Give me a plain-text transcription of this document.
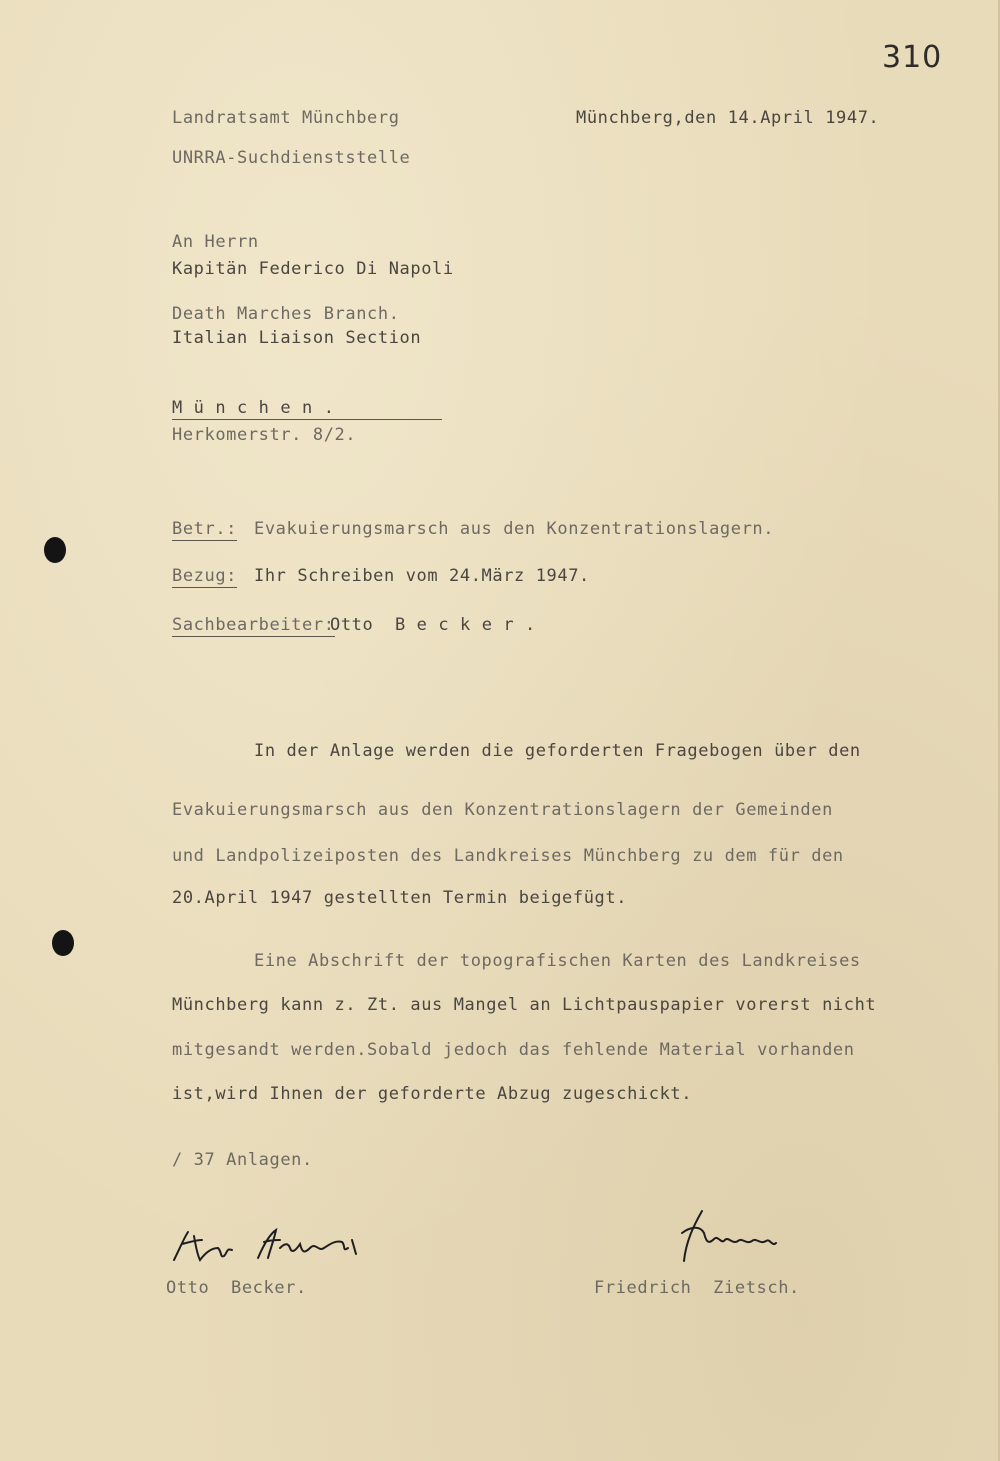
310
Landratsamt Münchberg
UNRRA-Suchdienststelle
Münchberg,den 14.April 1947.
An Herrn
Kapitän Federico Di Napoli
Death Marches Branch.
Italian Liaison Section
M ü n c h e n .
Herkomerstr. 8/2.
Betr.: Evakuierungsmarsch aus den Konzentrationslagern.
Bezug: Ihr Schreiben vom 24.März 1947.
Sachbearbeiter:
Otto  B e c k e r .
In der Anlage werden die geforderten Fragebogen über den
Evakuierungsmarsch aus den Konzentrationslagern der Gemeinden
und Landpolizeiposten des Landkreises Münchberg zu dem für den
20.April 1947 gestellten Termin beigefügt.
Eine Abschrift der topografischen Karten des Landkreises
Münchberg kann z. Zt. aus Mangel an Lichtpauspapier vorerst nicht
mitgesandt werden.Sobald jedoch das fehlende Material vorhanden
ist,wird Ihnen der geforderte Abzug zugeschickt.
/ 37 Anlagen.
Otto  Becker.	Friedrich  Zietsch.
